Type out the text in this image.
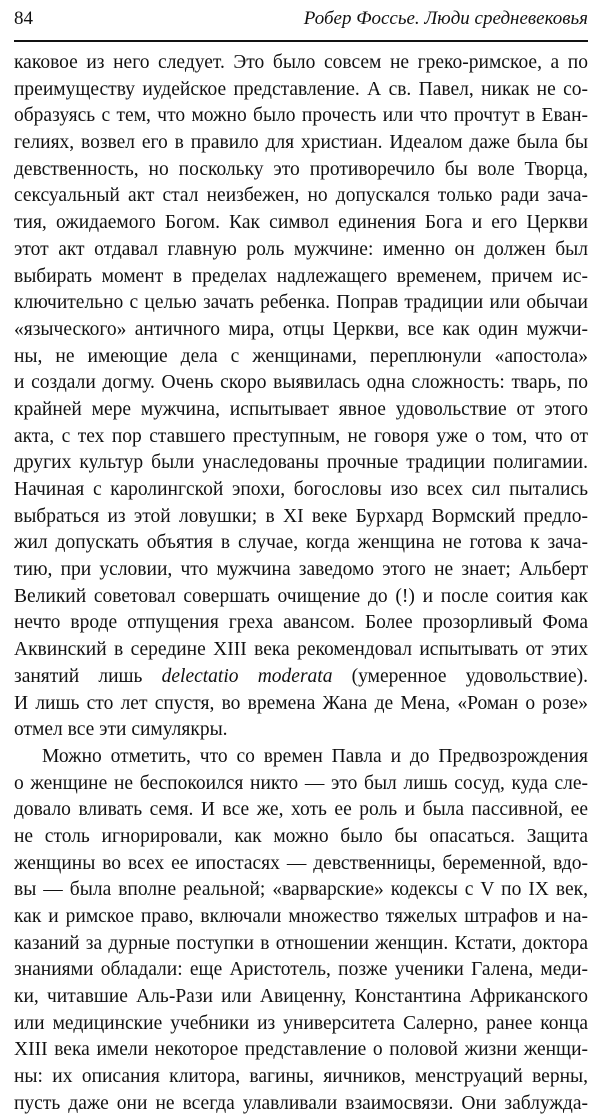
84	Робер Фоссье. Люди средневековья
каковое из него следует. Это было совсем не греко-римское, а по
преимуществу иудейское представление. А св. Павел, никак не со-
образуясь с тем, что можно было прочесть или что прочтут в Еван-
гелиях, возвел его в правило для христиан. Идеалом даже была бы
девственность, но поскольку это противоречило бы воле Творца,
сексуальный акт стал неизбежен, но допускался только ради зача-
тия, ожидаемого Богом. Как символ единения Бога и его Церкви
этот акт отдавал главную роль мужчине: именно он должен был
выбирать момент в пределах надлежащего временем, причем ис-
ключительно с целью зачать ребенка. Поправ традиции или обычаи
«языческого» античного мира, отцы Церкви, все как один мужчи-
ны, не имеющие дела с женщинами, переплюнули «апостола»
и создали догму. Очень скоро выявилась одна сложность: тварь, по
крайней мере мужчина, испытывает явное удовольствие от этого
акта, с тех пор ставшего преступным, не говоря уже о том, что от
других культур были унаследованы прочные традиции полигамии.
Начиная с каролингской эпохи, богословы изо всех сил пытались
выбраться из этой ловушки; в XI веке Бурхард Вормский предло-
жил допускать объятия в случае, когда женщина не готова к зача-
тию, при условии, что мужчина заведомо этого не знает; Альберт
Великий советовал совершать очищение до (!) и после соития как
нечто вроде отпущения греха авансом. Более прозорливый Фома
Аквинский в середине XIII века рекомендовал испытывать от этих
занятий лишь delectatio moderata (умеренное удовольствие).
И лишь сто лет спустя, во времена Жана де Мена, «Роман о розе»
отмел все эти симулякры.
Можно отметить, что со времен Павла и до Предвозрождения
о женщине не беспокоился никто — это был лишь сосуд, куда сле-
довало вливать семя. И все же, хоть ее роль и была пассивной, ее
не столь игнорировали, как можно было бы опасаться. Защита
женщины во всех ее ипостасях — девственницы, беременной, вдо-
вы — была вполне реальной; «варварские» кодексы с V по IX век,
как и римское право, включали множество тяжелых штрафов и на-
казаний за дурные поступки в отношении женщин. Кстати, доктора
знаниями обладали: еще Аристотель, позже ученики Галена, меди-
ки, читавшие Аль-Рази или Авиценну, Константина Африканского
или медицинские учебники из университета Салерно, ранее конца
XIII века имели некоторое представление о половой жизни женщи-
ны: их описания клитора, вагины, яичников, менструаций верны,
пусть даже они не всегда улавливали взаимосвязи. Они заблужда-
